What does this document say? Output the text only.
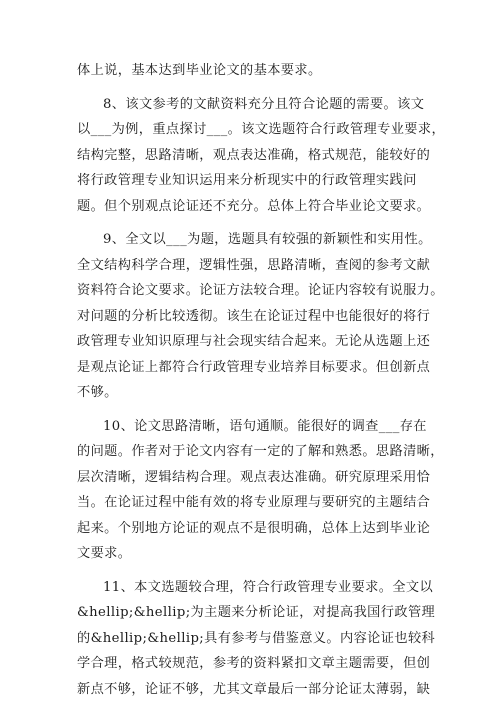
体上说，基本达到毕业论文的基本要求。

8、该文参考的文献资料充分且符合论题的需要。该文
以___为例，重点探讨___。该文选题符合行政管理专业要求，
结构完整，思路清晰，观点表达准确，格式规范，能较好的
将行政管理专业知识运用来分析现实中的行政管理实践问
题。但个别观点论证还不充分。总体上符合毕业论文要求。

9、全文以___为题，选题具有较强的新颖性和实用性。
全文结构科学合理，逻辑性强，思路清晰，查阅的参考文献
资料符合论文要求。论证方法较合理。论证内容较有说服力。
对问题的分析比较透彻。该生在论证过程中也能很好的将行
政管理专业知识原理与社会现实结合起来。无论从选题上还
是观点论证上都符合行政管理专业培养目标要求。但创新点
不够。

10、论文思路清晰，语句通顺。能很好的调查___存在
的问题。作者对于论文内容有一定的了解和熟悉。思路清晰，
层次清晰，逻辑结构合理。观点表达准确。研究原理采用恰
当。在论证过程中能有效的将专业原理与要研究的主题结合
起来。个别地方论证的观点不是很明确，总体上达到毕业论
文要求。

11、本文选题较合理，符合行政管理专业要求。全文以
&hellip;&hellip;为主题来分析论证，对提高我国行政管理
的&hellip;&hellip;具有参考与借鉴意义。内容论证也较科
学合理，格式较规范，参考的资料紧扣文章主题需要，但创
新点不够，论证不够，尤其文章最后一部分论证太薄弱，缺
